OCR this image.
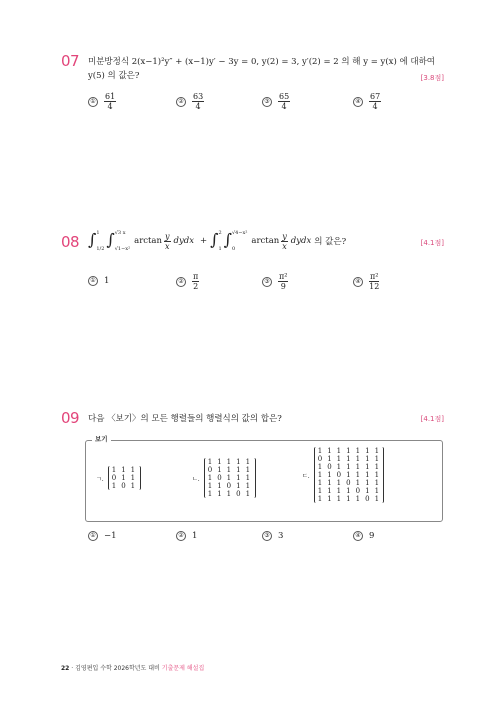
07 미분방정식 2(x−1)²y″ + (x−1)y′ − 3y = 0, y(2) = 3, y′(2) = 2 의 해 y = y(x) 에 대하여
y(5) 의 값은?	[3.8점]
① $\frac{61}{4}$	② $\frac{63}{4}$	③ $\frac{65}{4}$	④ $\frac{67}{4}$
08 ∫ 1
1/2 ∫ √3 x
√1−x²
$\arctan \frac{y}{x}$ dydx + ∫ 2
1 ∫ √4−x²
0
$\arctan \frac{y}{x}$ dydx 의 값은?	[4.1점]
① 1	② $\frac{\pi}{2}$	③ $\frac{\text{π²}}{9}$	④ $\frac{\text{π²}}{12}$
09 다음 〈보기〉의 모든 행렬들의 행렬식의 값의 합은?	[4.1점]
보기
ㄱ.
1 1 1
0 1 1
1 0 1
ㄴ.
1 1 1 1 1
0 1 1 1 1
1 0 1 1 1
1 1 0 1 1
1 1 1 0 1
ㄷ.
1 1 1 1 1 1 1
0 1 1 1 1 1 1
1 0 1 1 1 1 1
1 1 0 1 1 1 1
1 1 1 0 1 1 1
1 1 1 1 0 1 1
1 1 1 1 1 0 1
① −1	② 1	③ 3	④ 9
22 · 김영편입 수학 2026학년도 대비 기출문제 해설집
